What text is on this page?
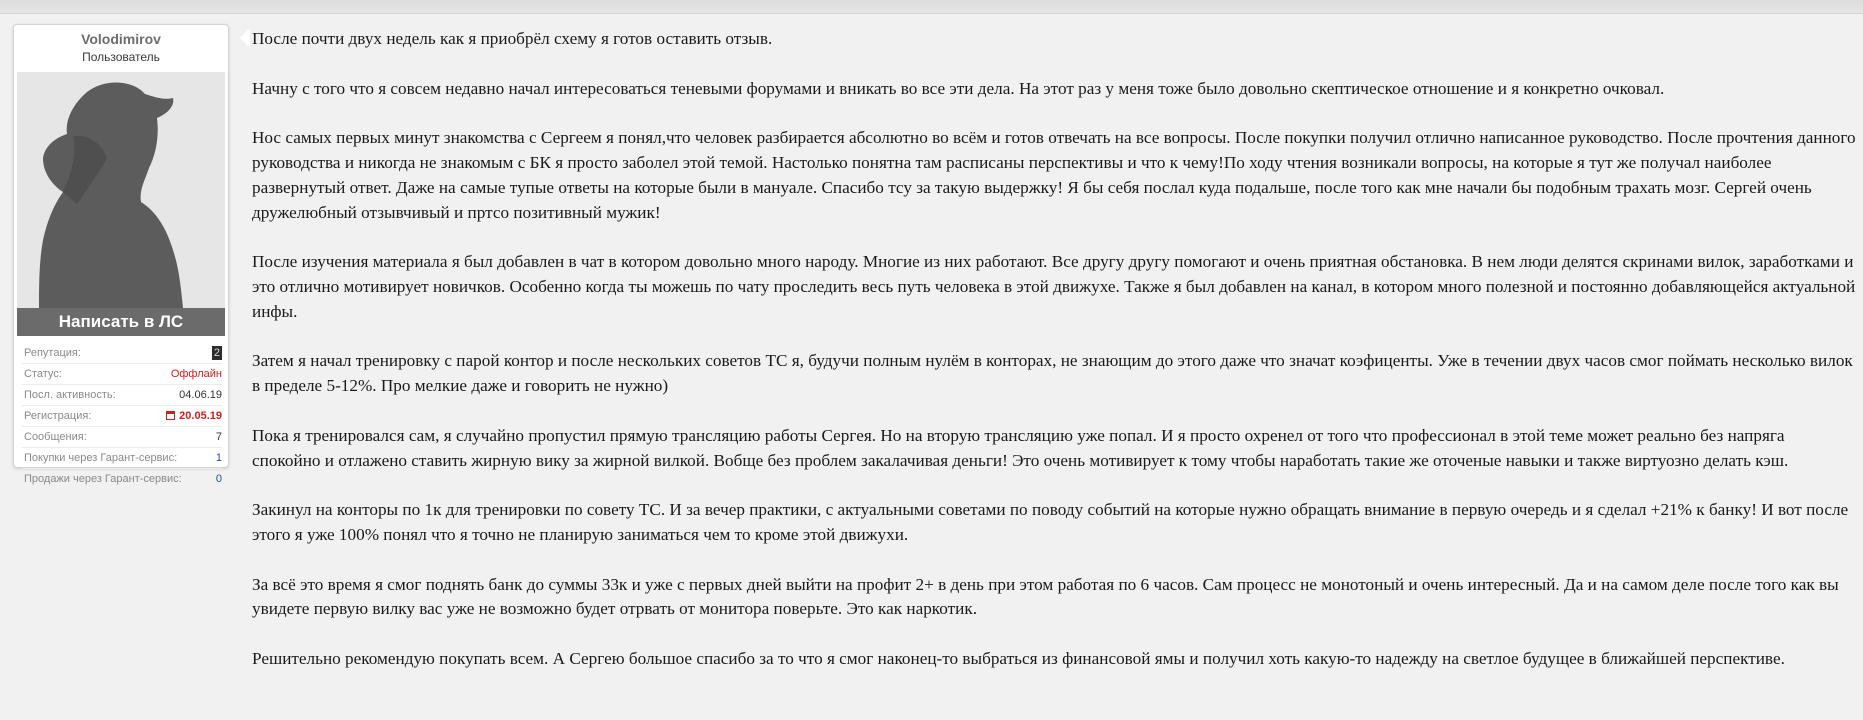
Volodimirov
Пользователь
Написать в ЛС
Репутация:	2
Статус:	Оффлайн
Посл. активность:	04.06.19
Регистрация:	20.05.19
Сообщения:	7
Покупки через Гарант-сервис:	1
Продажи через Гарант-сервис:	0

После почти двух недель как я приобрёл схему я готов оставить отзыв.

Начну с того что я совсем недавно начал интересоваться теневыми форумами и вникать во все эти дела. На этот раз у меня тоже было довольно скептическое отношение и я конкретно очковал.

Нос самых первых минут знакомства с Сергеем я понял,что человек разбирается абсолютно во всём и готов отвечать на все вопросы. После покупки получил отлично написанное руководство. После прочтения данного руководства и никогда не знакомым с БК я просто заболел этой темой. Настолько понятна там расписаны перспективы и что к чему!По ходу чтения возникали вопросы, на которые я тут же получал наиболее развернутый ответ. Даже на самые тупые ответы на которые были в мануале. Спасибо тсу за такую выдержку! Я бы себя послал куда подальше, после того как мне начали бы подобным трахать мозг. Сергей очень дружелюбный отзывчивый и пртсо позитивный мужик!

После изучения материала я был добавлен в чат в котором довольно много народу. Многие из них работают. Все другу другу помогают и очень приятная обстановка. В нем люди делятся скринами вилок, заработками и это отлично мотивирует новичков. Особенно когда ты можешь по чату проследить весь путь человека в этой движухе. Также я был добавлен на канал, в котором много полезной и постоянно добавляющейся актуальной инфы.

Затем я начал тренировку с парой контор и после нескольких советов ТС я, будучи полным нулём в конторах, не знающим до этого даже что значат коэфиценты. Уже в течении двух часов смог поймать несколько вилок в пределе 5-12%. Про мелкие даже и говорить не нужно)

Пока я тренировался сам, я случайно пропустил прямую трансляцию работы Сергея. Но на вторую трансляцию уже попал. И я просто охренел от того что профессионал в этой теме может реально без напряга спокойно и отлажено ставить жирную вику за жирной вилкой. Вобще без проблем закалачивая деньги! Это очень мотивирует к тому чтобы наработать такие же оточеные навыки и также виртуозно делать кэш.

Закинул на конторы по 1к для тренировки по совету ТС. И за вечер практики, с актуальными советами по поводу событий на которые нужно обращать внимание в первую очередь и я сделал +21% к банку! И вот после этого я уже 100% понял что я точно не планирую заниматься чем то кроме этой движухи.

За всё это время я смог поднять банк до суммы 33к и уже с первых дней выйти на профит 2+ в день при этом работая по 6 часов. Сам процесс не монотоный и очень интересный. Да и на самом деле после того как вы увидете первую вилку вас уже не возможно будет отрвать от монитора поверьте. Это как наркотик.

Решительно рекомендую покупать всем. А Сергею большое спасибо за то что я смог наконец-то выбраться из финансовой ямы и получил хоть какую-то надежду на светлое будущее в ближайшей перспективе.
